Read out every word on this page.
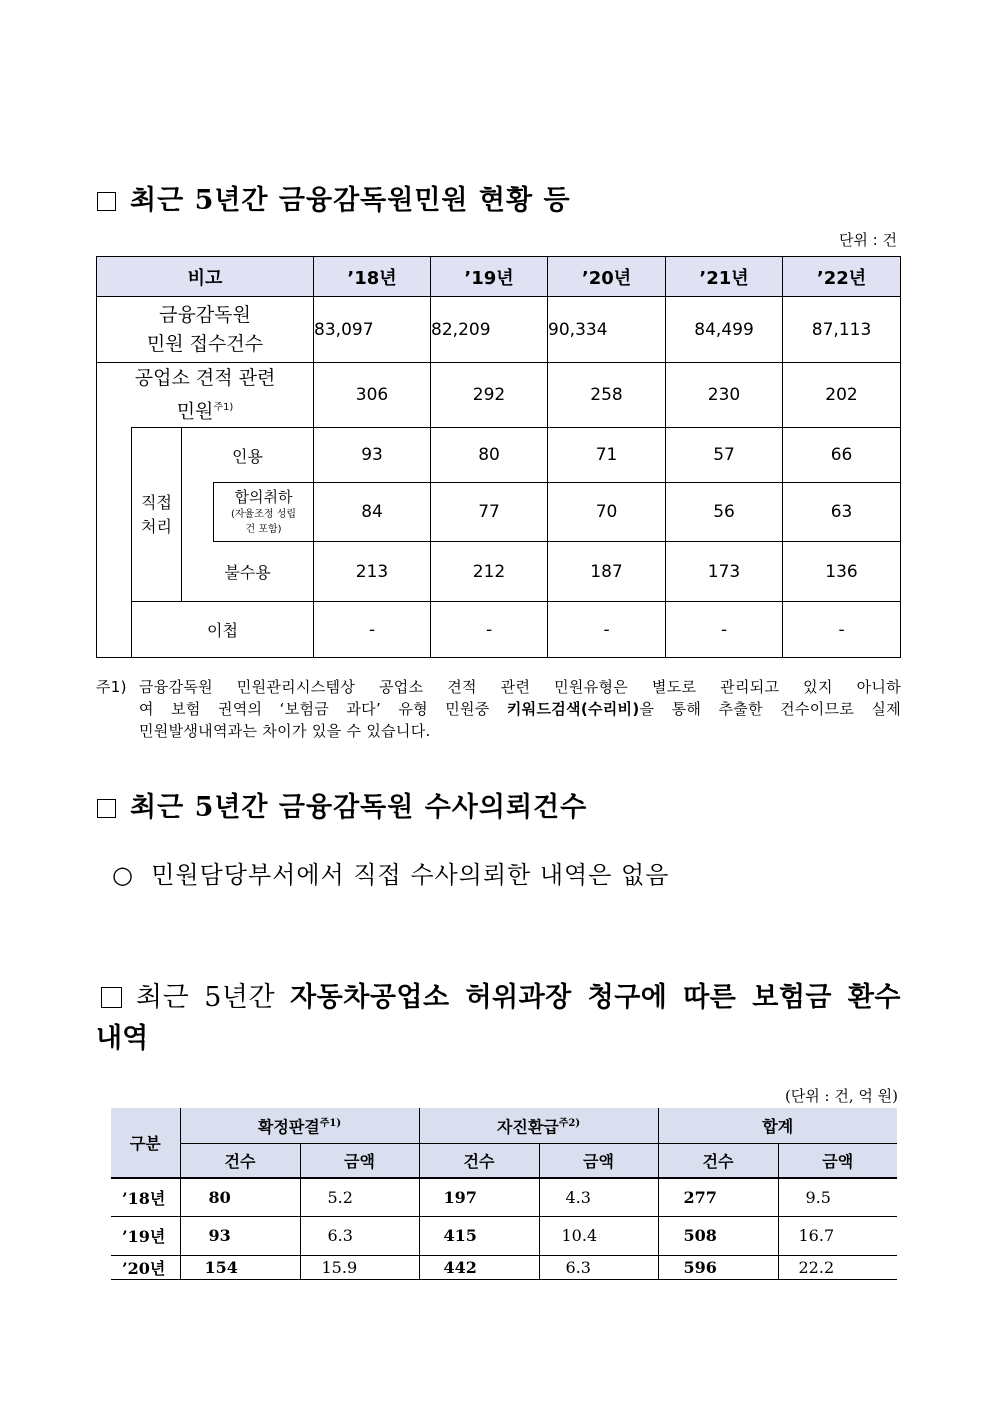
최근 5년간 금융감독원민원 현황 등
단위 : 건
비고				’18년	’19년	’20년	’21년	’22년

금융감독원
민원 접수건수				83,097	82,209	90,334	84,499	87,113

공업소 견적 관련
민원$^{주1)}$				306	292	258	230	202

	직접
처리	인용		93	80	71	57	66

			합의취하
(자율조정 성립
건 포함)	84	77	70	56	63
		불수용		213	212	187	173	136
	이첩			-	-	-	-	-
주1) 금융감독원 민원관리시스템상 공업소 견적 관련 민원유형은 별도로 관리되고 있지 아니하
여 보험 권역의 ‘보험금 과다’ 유형 민원중 키워드검색(수리비)을 통해 추출한 건수이므로 실제
민원발생내역과는 차이가 있을 수 있습니다.
최근 5년간 금융감독원 수사의뢰건수
○ 민원담당부서에서 직접 수사의뢰한 내역은 없음
최근 5년간 자동차공업소 허위과장 청구에 따른 보험금 환수
내역
(단위 : 건, 억 원)
구분	확정판결$^{주1)}$		자진환급$^{주2)}$		합계	
	건수	금액	건수	금액	건수	금액
’18년	80	5.2	197	4.3	277	9.5
’19년	93	6.3	415	10.4	508	16.7
’20년	154	15.9	442	6.3	596	22.2
